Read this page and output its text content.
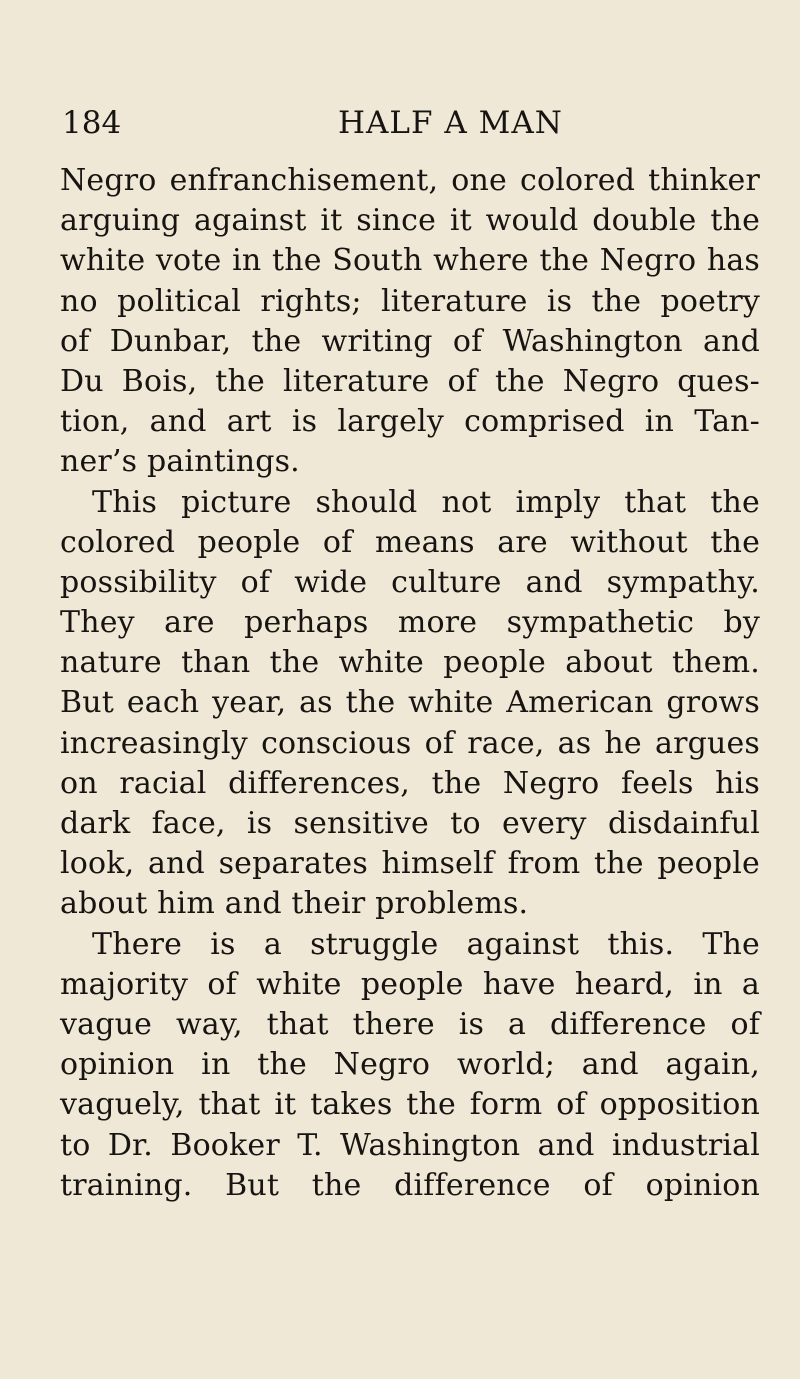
184	HALF A MAN
Negro enfranchisement, one colored thinker
arguing against it since it would double the
white vote in the South where the Negro has
no political rights; literature is the poetry
of Dunbar, the writing of Washington and
Du Bois, the literature of the Negro ques-
tion, and art is largely comprised in Tan-
ner’s paintings.
This picture should not imply that the
colored people of means are without the
possibility of wide culture and sympathy.
They are perhaps more sympathetic by
nature than the white people about them.
But each year, as the white American grows
increasingly conscious of race, as he argues
on racial differences, the Negro feels his
dark face, is sensitive to every disdainful
look, and separates himself from the people
about him and their problems.
There is a struggle against this. The
majority of white people have heard, in a
vague way, that there is a difference of
opinion in the Negro world; and again,
vaguely, that it takes the form of opposition
to Dr. Booker T. Washington and industrial
training. But the difference of opinion
